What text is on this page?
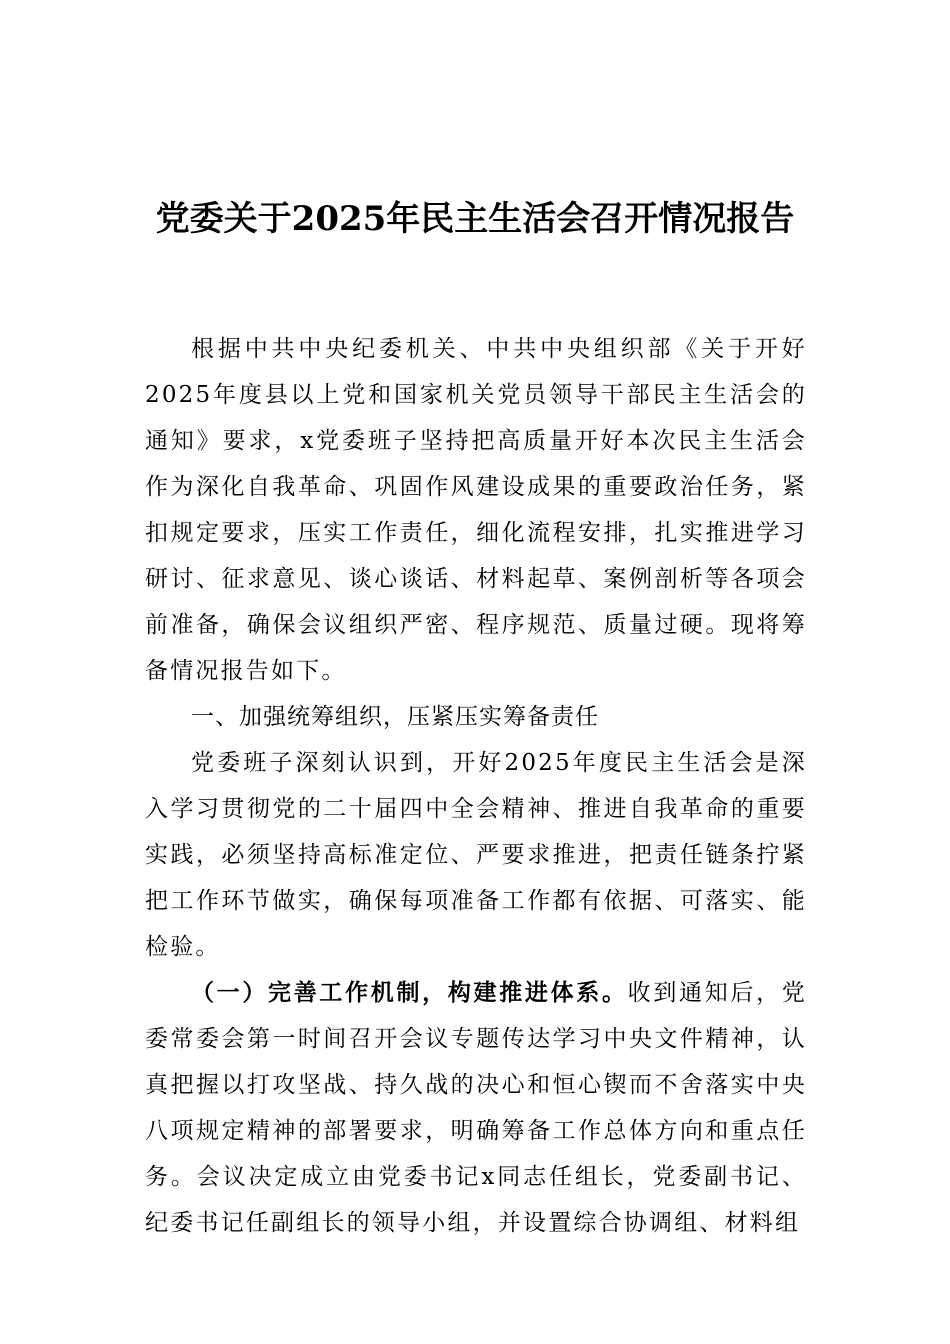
党委关于2025年民主生活会召开情况报告

根据中共中央纪委机关、中共中央组织部《关于开好2025年度县以上党和国家机关党员领导干部民主生活会的通知》要求，x党委班子坚持把高质量开好本次民主生活会作为深化自我革命、巩固作风建设成果的重要政治任务，紧扣规定要求，压实工作责任，细化流程安排，扎实推进学习研讨、征求意见、谈心谈话、材料起草、案例剖析等各项会前准备，确保会议组织严密、程序规范、质量过硬。现将筹备情况报告如下。

一、加强统筹组织，压紧压实筹备责任

党委班子深刻认识到，开好2025年度民主生活会是深入学习贯彻党的二十届四中全会精神、推进自我革命的重要实践，必须坚持高标准定位、严要求推进，把责任链条拧紧把工作环节做实，确保每项准备工作都有依据、可落实、能检验。

（一）完善工作机制，构建推进体系。收到通知后，党委常委会第一时间召开会议专题传达学习中央文件精神，认真把握以打攻坚战、持久战的决心和恒心锲而不舍落实中央八项规定精神的部署要求，明确筹备工作总体方向和重点任务。会议决定成立由党委书记x同志任组长，党委副书记、纪委书记任副组长的领导小组，并设置综合协调组、材料组
